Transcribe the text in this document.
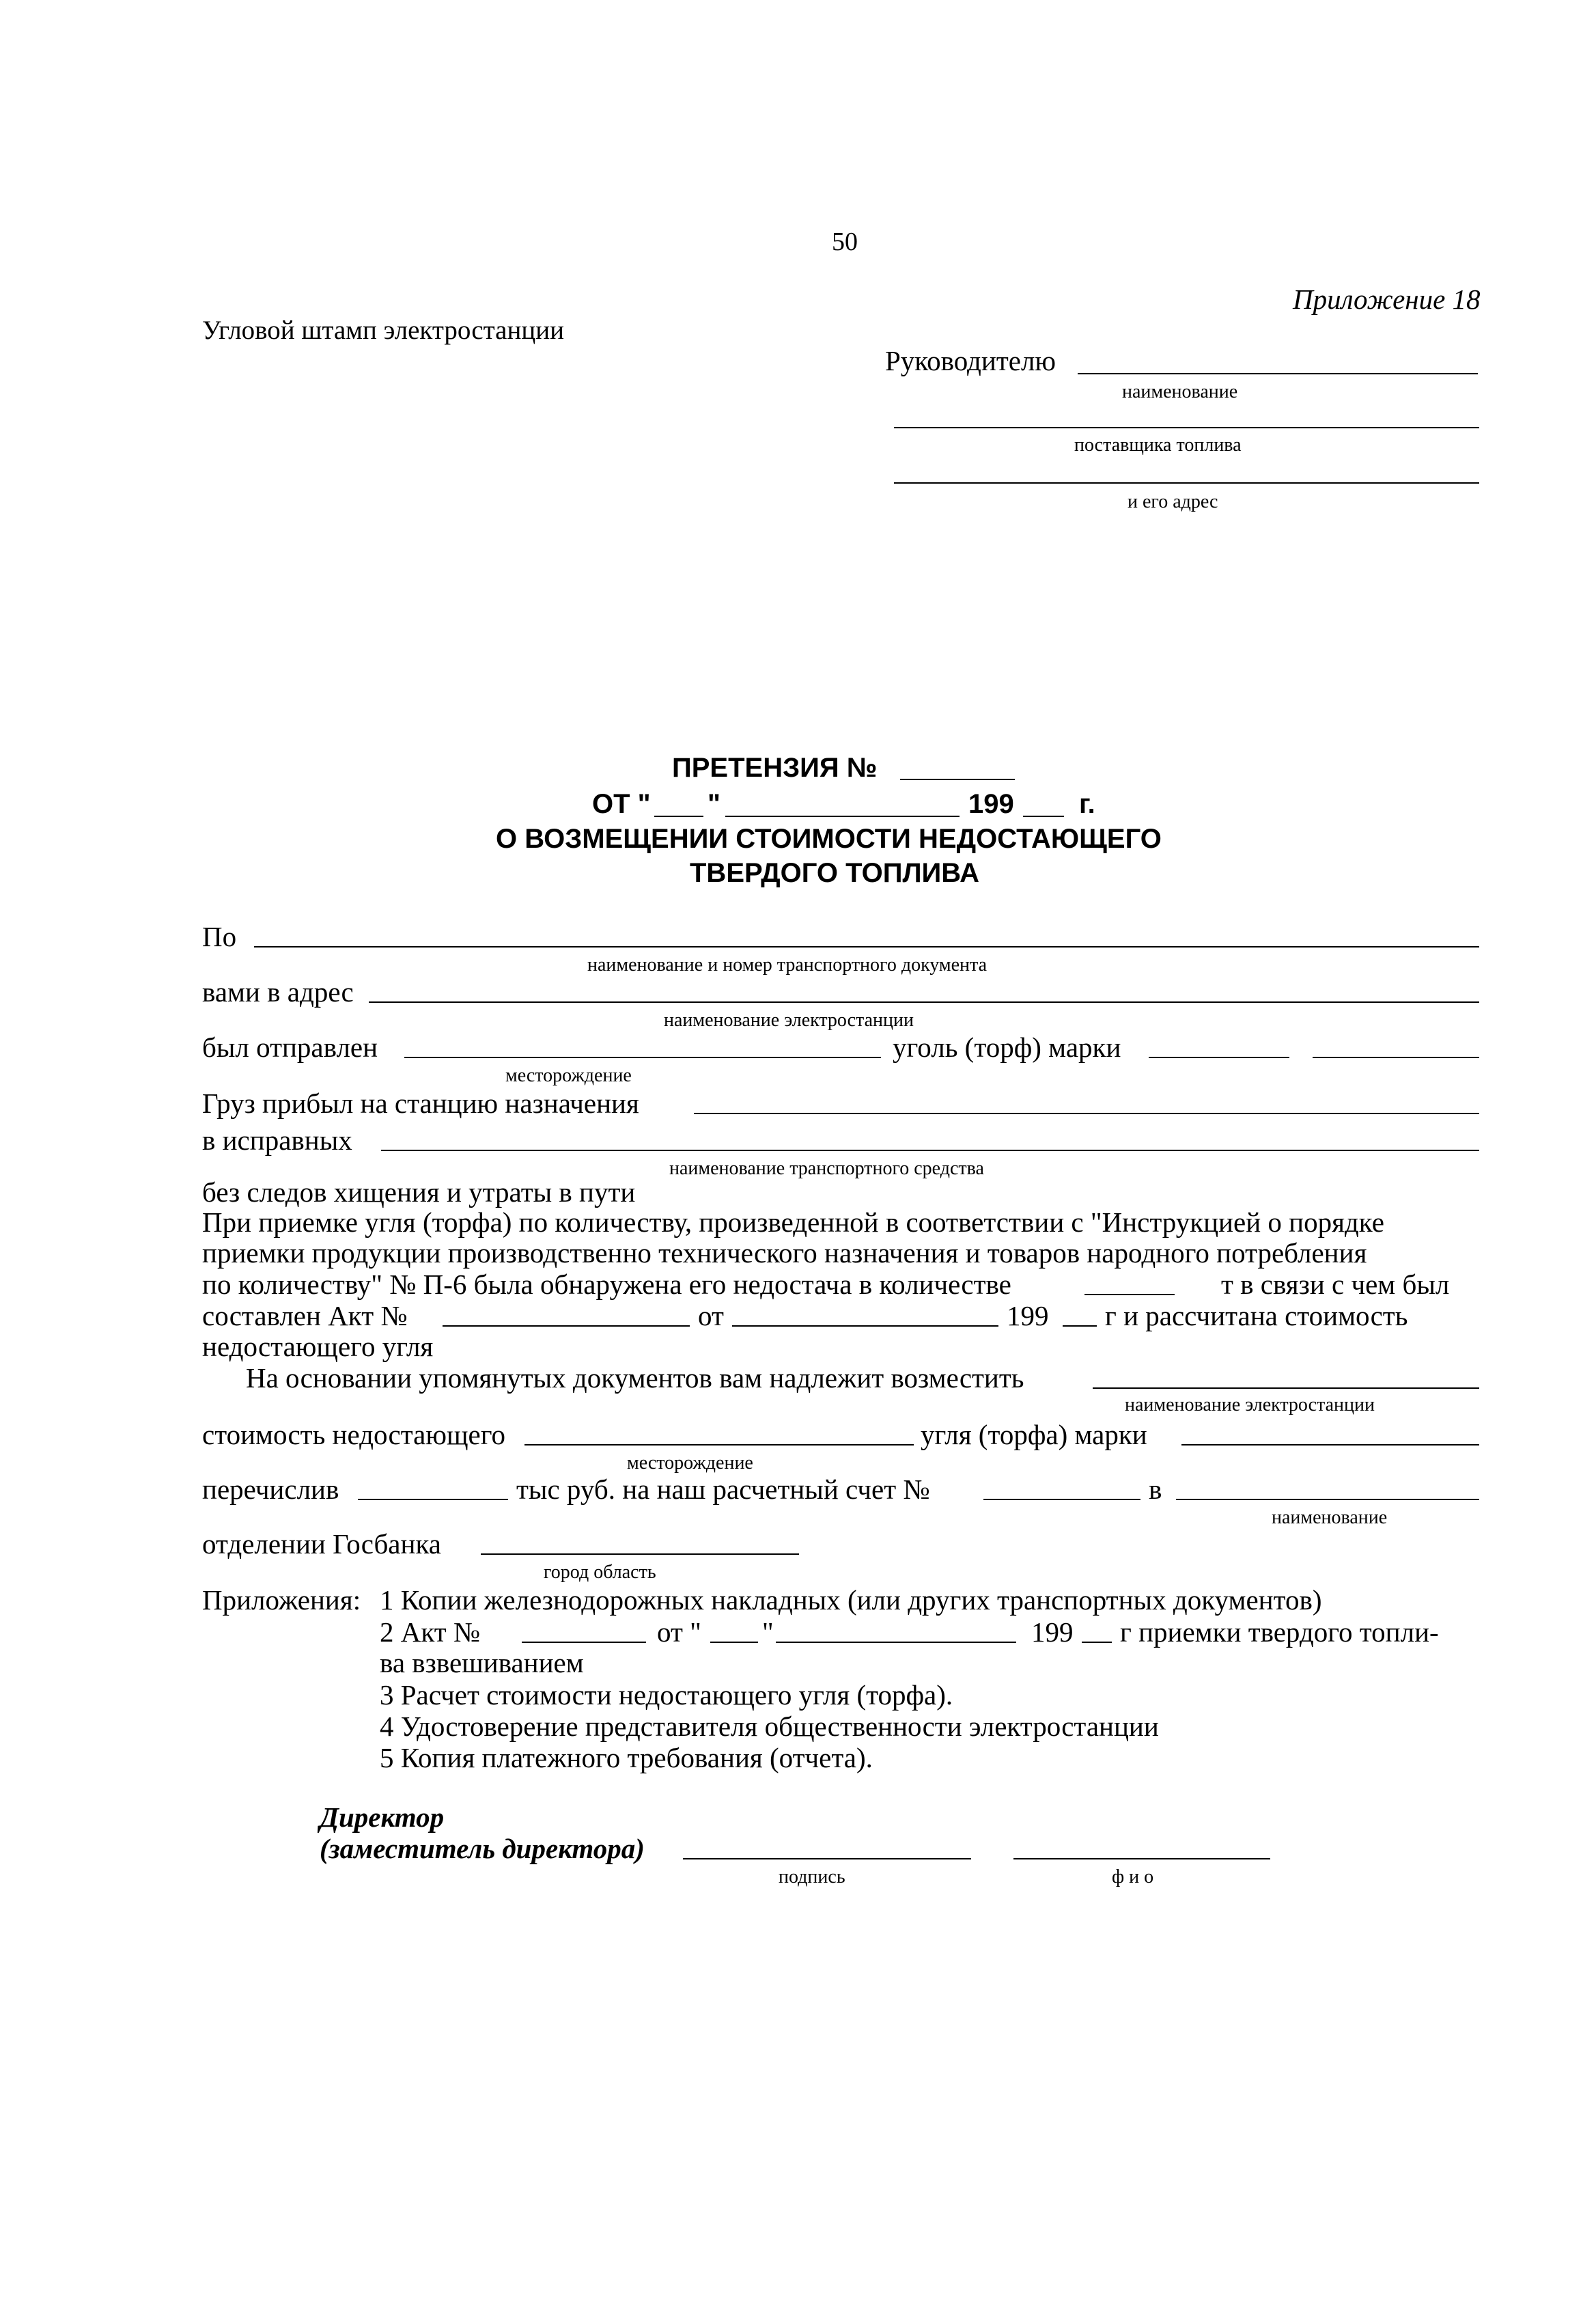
50
Приложение 18
Угловой штамп электростанции
Руководителю
наименование
поставщика топлива
и его адрес
ПРЕТЕНЗИЯ №
ОТ " "	199 г.
О ВОЗМЕЩЕНИИ СТОИМОСТИ НЕДОСТАЮЩЕГО
ТВЕРДОГО ТОПЛИВА
По
наименование и номер транспортного документа
вами в адрес
наименование электростанции
был отправлен	уголь (торф) марки
месторождение
Груз прибыл на станцию назначения
в исправных
наименование транспортного средства
без следов хищения и утраты в пути
При приемке угля (торфа) по количеству, произведенной в соответствии с "Инструкцией о порядке
приемки продукции производственно технического назначения и товаров народного потребления
по количеству" № П-6 была обнаружена его недостача в количестве	т в связи с чем был
составлен Акт №	от	199 г и рассчитана стоимость
недостающего угля
На основании упомянутых документов вам надлежит возместить
наименование электростанции
стоимость недостающего	угля (торфа) марки
месторождение
перечислив	тыс руб. на наш расчетный счет №	в
наименование
отделении Госбанка
город область
Приложения: 1 Копии железнодорожных накладных (или других транспортных документов)
2 Акт №	от " "	199 г приемки твердого топли-
ва взвешиванием
3 Расчет стоимости недостающего угля (торфа).
4 Удостоверение представителя общественности электростанции
5 Копия платежного требования (отчета).
Директор
(заместитель директора)
подпись	ф и о
